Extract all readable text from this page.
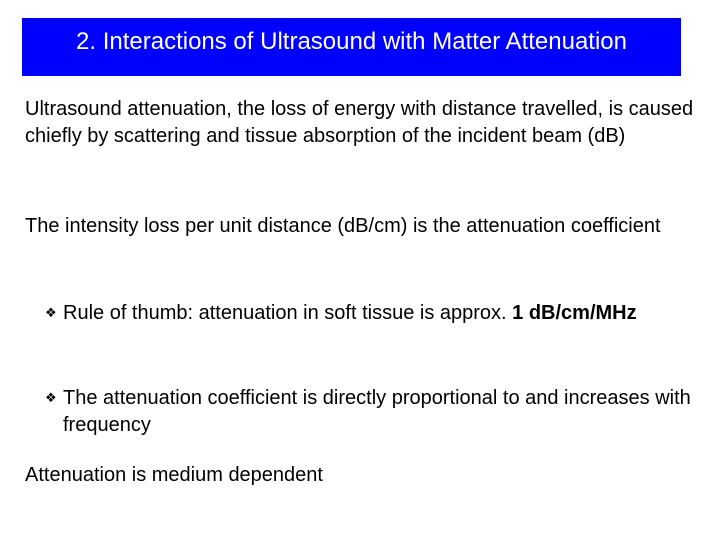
2. Interactions of Ultrasound with Matter Attenuation

Ultrasound attenuation, the loss of energy with distance travelled, is caused chiefly by scattering and tissue absorption of the incident beam (dB)

The intensity loss per unit distance (dB/cm) is the attenuation coefficient

❖ Rule of thumb: attenuation in soft tissue is approx. 1 dB/cm/MHz
❖ The attenuation coefficient is directly proportional to and increases with frequency

Attenuation is medium dependent
